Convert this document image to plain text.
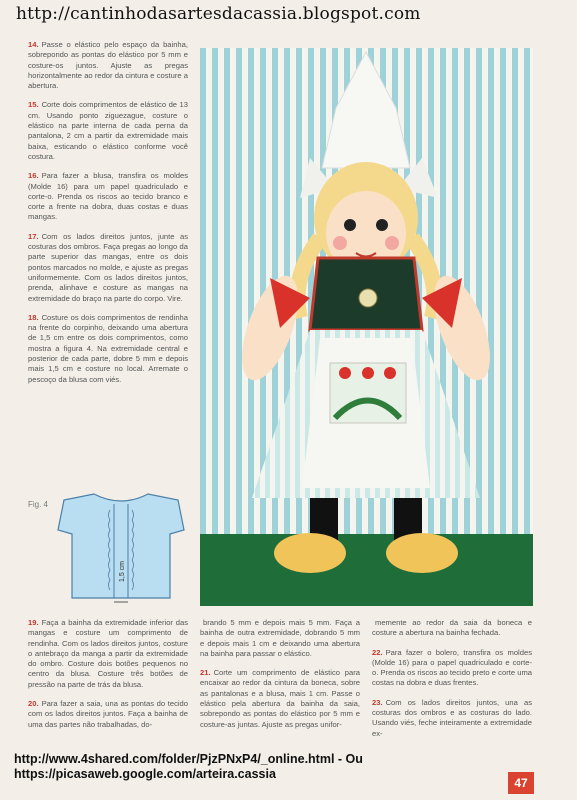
http://cantinhodasartesdacassia.blogspot.com

14. Passe o elástico pelo espaço da bainha, sobrepondo as pontas do elástico por 5 mm e costure-os juntos. Ajuste as pregas horizontalmente ao redor da cintura e costure a abertura.

15. Corte dois comprimentos de elástico de 13 cm. Usando ponto ziguezague, costure o elástico na parte interna de cada perna da pantalona, 2 cm a partir da extremidade mais baixa, esticando o elástico conforme você costura.

16. Para fazer a blusa, transfira os moldes (Molde 16) para um papel quadriculado e corte-o. Prenda os riscos ao tecido branco e corte a frente na dobra, duas costas e duas mangas.

17. Com os lados direitos juntos, junte as costuras dos ombros. Faça pregas ao longo da parte superior das mangas, entre os dois pontos marcados no molde, e ajuste as pregas uniformemente. Com os lados direitos juntos, prenda, alinhave e costure as mangas na extremidade do braço na parte do corpo. Vire.

18. Costure os dois comprimentos de rendinha na frente do corpinho, deixando uma abertura de 1,5 cm entre os dois comprimentos, como mostra a figura 4. Na extremidade central e posterior de cada parte, dobre 5 mm e depois mais 1,5 cm e costure no local. Arremate o pescoço da blusa com viés.

Fig. 4
1,5 cm

19. Faça a bainha da extremidade inferior das mangas e costure um comprimento de rendinha. Com os lados direitos juntos, costure o antebraço da manga a partir da extremidade do ombro. Costure dois botões pequenos no centro da blusa. Costure três botões de pressão na parte de trás da blusa.

20. Para fazer a saia, una as pontas do tecido com os lados direitos juntos. Faça a bainha de uma das partes não trabalhadas, do-

brando 5 mm e depois mais 5 mm. Faça a bainha de outra extremidade, dobrando 5 mm e depois mais 1 cm e deixando uma abertura na bainha para passar o elástico.

21. Corte um comprimento de elástico para encaixar ao redor da cintura da boneca, sobre as pantalonas e a blusa, mais 1 cm. Passe o elástico pela abertura da bainha da saia, sobrepondo as pontas do elástico por 5 mm e costure-as juntas. Ajuste as pregas unifor-

memente ao redor da saia da boneca e costure a abertura na bainha fechada.

22. Para fazer o bolero, transfira os moldes (Molde 16) para o papel quadriculado e corte-o. Prenda os riscos ao tecido preto e corte uma costas na dobra e duas frentes.

23. Com os lados direitos juntos, una as costuras dos ombros e as costuras do lado. Usando viés, feche inteiramente a extremidade ex-

http://www.4shared.com/folder/PjzPNxP4/_online.html - Ou https://picasaweb.google.com/arteira.cassia
47
